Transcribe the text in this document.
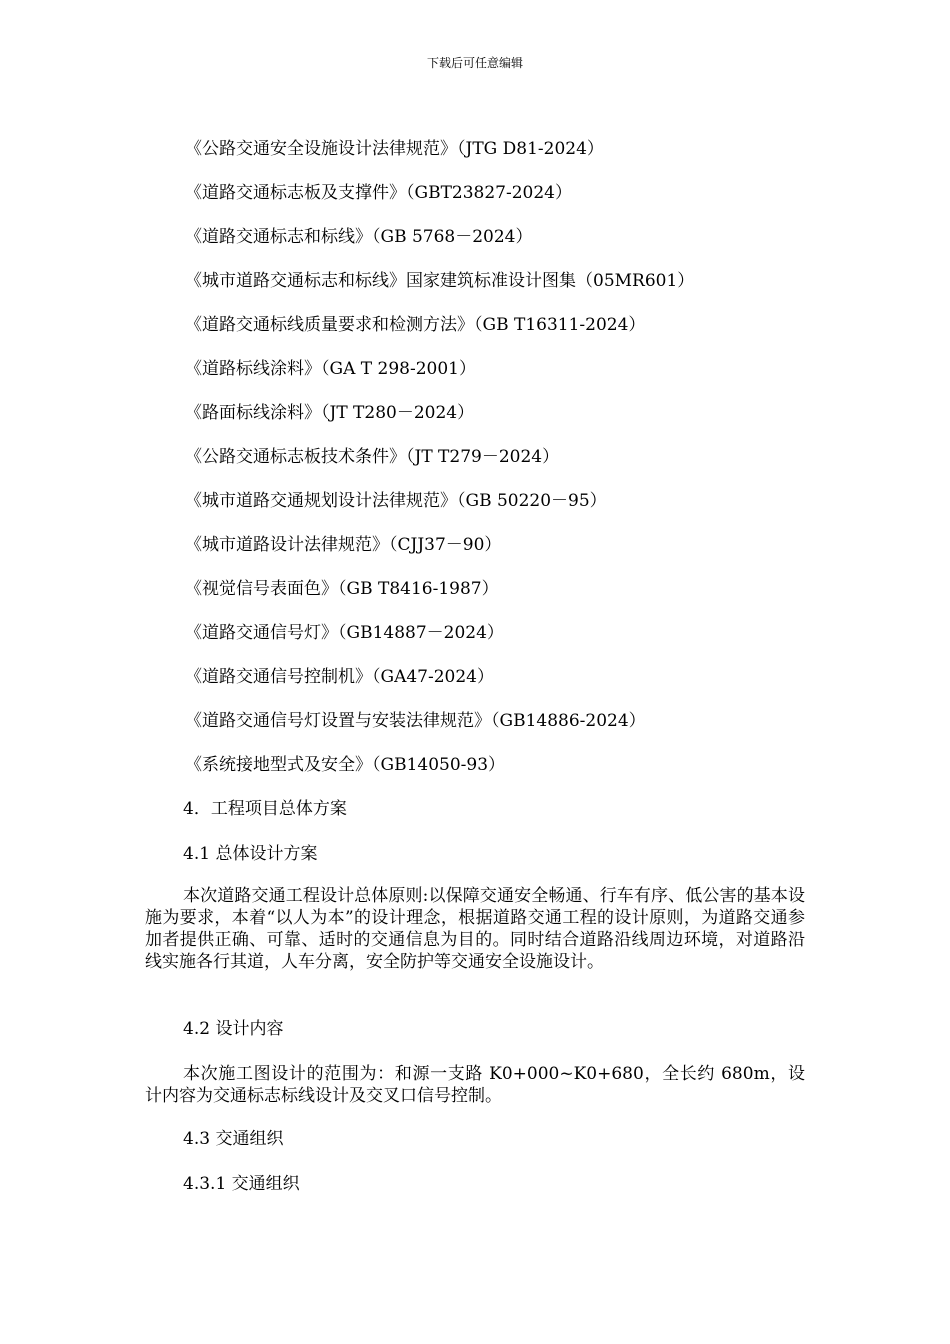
下载后可任意编辑
《公路交通安全设施设计法律规范》（JTG D81-2024）
《道路交通标志板及支撑件》（GBT23827-2024）
《道路交通标志和标线》（GB 5768－2024）
《城市道路交通标志和标线》国家建筑标准设计图集（05MR601）
《道路交通标线质量要求和检测方法》（GB T16311-2024）
《道路标线涂料》（GA T 298-2001）
《路面标线涂料》（JT T280－2024）
《公路交通标志板技术条件》（JT T279－2024）
《城市道路交通规划设计法律规范》（GB 50220－95）
《城市道路设计法律规范》（CJJ37－90）
《视觉信号表面色》（GB T8416-1987）
《道路交通信号灯》（GB14887－2024）
《道路交通信号控制机》（GA47-2024）
《道路交通信号灯设置与安装法律规范》（GB14886-2024）
《系统接地型式及安全》（GB14050-93）
4．工程项目总体方案
4.1 总体设计方案

本次道路交通工程设计总体原则:以保障交通安全畅通、行车有序、低公害的基本设施为要求，本着“以人为本”的设计理念，根据道路交通工程的设计原则，为道路交通参加者提供正确、可靠、适时的交通信息为目的。同时结合道路沿线周边环境，对道路沿线实施各行其道，人车分离，安全防护等交通安全设施设计。

4.2 设计内容

本次施工图设计的范围为：和源一支路 K0+000~K0+680，全长约 680m，设计内容为交通标志标线设计及交叉口信号控制。

4.3 交通组织
4.3.1 交通组织
